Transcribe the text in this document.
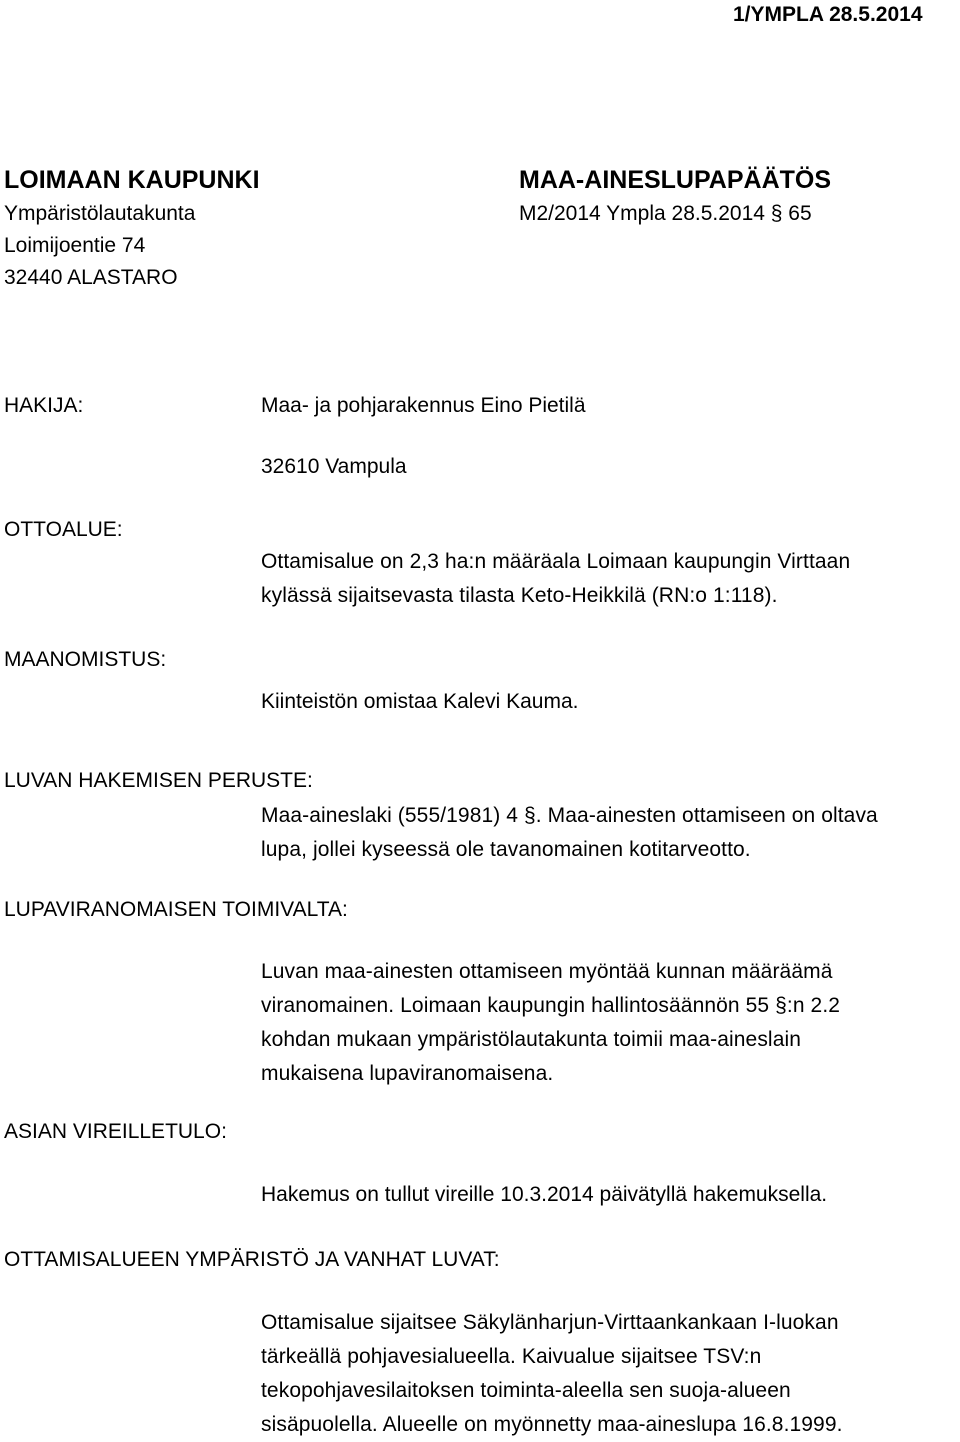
1/YMPLA 28.5.2014
LOIMAAN KAUPUNKI	MAA-AINESLUPAPÄÄTÖS
Ympäristölautakunta	M2/2014 Ympla 28.5.2014 § 65
Loimijoentie 74
32440 ALASTARO
HAKIJA:	Maa- ja pohjarakennus Eino Pietilä
32610 Vampula
OTTOALUE:
Ottamisalue on 2,3 ha:n määräala Loimaan kaupungin Virttaan
kylässä sijaitsevasta tilasta Keto-Heikkilä (RN:o 1:118).
MAANOMISTUS:
Kiinteistön omistaa Kalevi Kauma.
LUVAN HAKEMISEN PERUSTE:
Maa-aineslaki (555/1981) 4 §. Maa-ainesten ottamiseen on oltava
lupa, jollei kyseessä ole tavanomainen kotitarveotto.
LUPAVIRANOMAISEN TOIMIVALTA:
Luvan maa-ainesten ottamiseen myöntää kunnan määräämä
viranomainen. Loimaan kaupungin hallintosäännön 55 §:n 2.2
kohdan mukaan ympäristölautakunta toimii maa-aineslain
mukaisena lupaviranomaisena.
ASIAN VIREILLETULO:
Hakemus on tullut vireille 10.3.2014 päivätyllä hakemuksella.
OTTAMISALUEEN YMPÄRISTÖ JA VANHAT LUVAT:
Ottamisalue sijaitsee Säkylänharjun-Virttaankankaan I-luokan
tärkeällä pohjavesialueella. Kaivualue sijaitsee TSV:n
tekopohjavesilaitoksen toiminta-aleella sen suoja-alueen
sisäpuolella. Alueelle on myönnetty maa-aineslupa 16.8.1999.
